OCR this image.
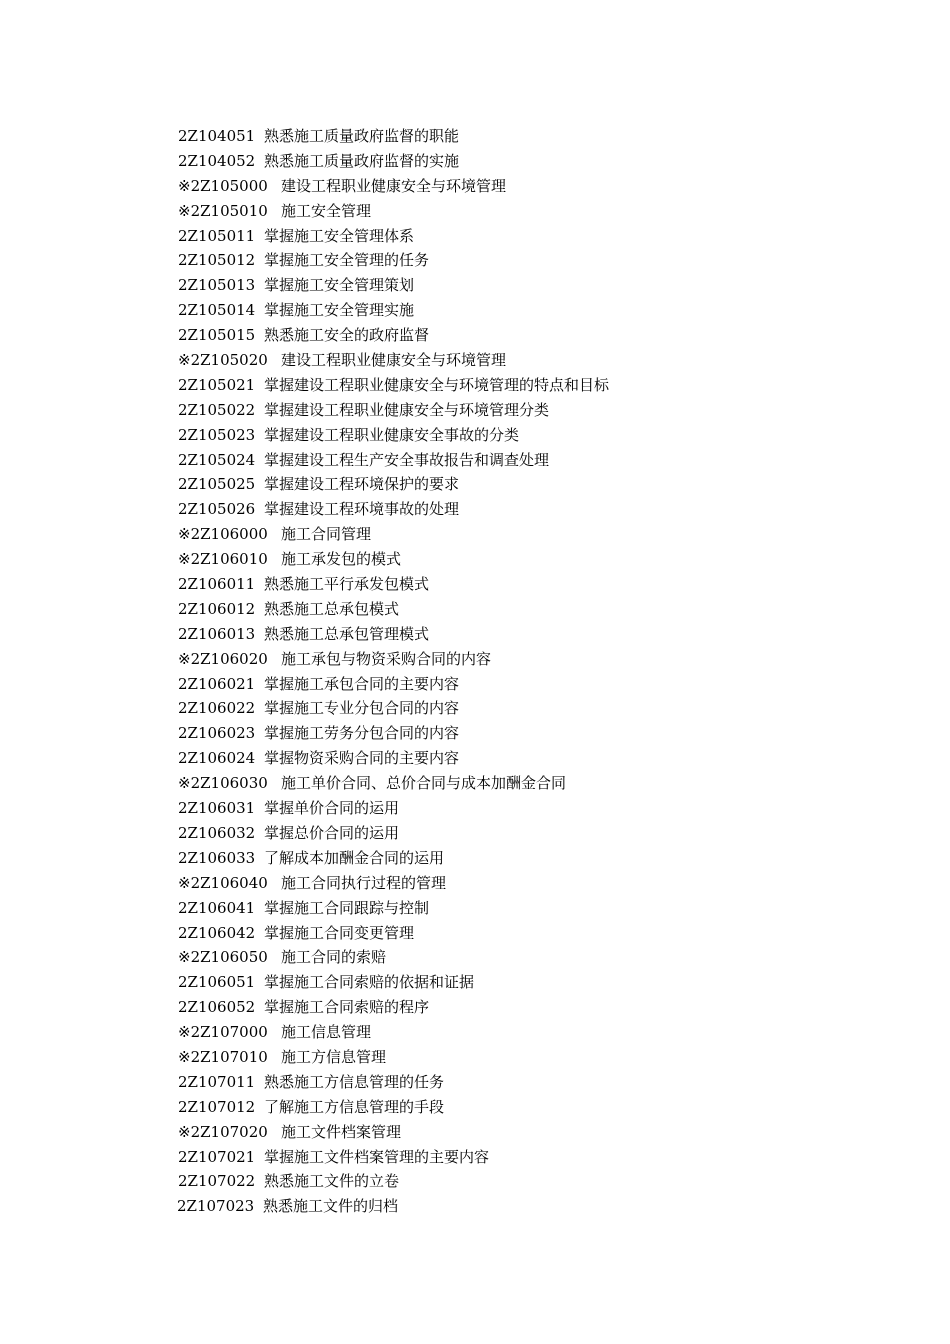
2Z104051 熟悉施工质量政府监督的职能
2Z104052 熟悉施工质量政府监督的实施
※2Z105000 建设工程职业健康安全与环境管理
※2Z105010 施工安全管理
2Z105011 掌握施工安全管理体系
2Z105012 掌握施工安全管理的任务
2Z105013 掌握施工安全管理策划
2Z105014 掌握施工安全管理实施
2Z105015 熟悉施工安全的政府监督
※2Z105020 建设工程职业健康安全与环境管理
2Z105021 掌握建设工程职业健康安全与环境管理的特点和目标
2Z105022 掌握建设工程职业健康安全与环境管理分类
2Z105023 掌握建设工程职业健康安全事故的分类
2Z105024 掌握建设工程生产安全事故报告和调查处理
2Z105025 掌握建设工程环境保护的要求
2Z105026 掌握建设工程环境事故的处理
※2Z106000 施工合同管理
※2Z106010 施工承发包的模式
2Z106011 熟悉施工平行承发包模式
2Z106012 熟悉施工总承包模式
2Z106013 熟悉施工总承包管理模式
※2Z106020 施工承包与物资采购合同的内容
2Z106021 掌握施工承包合同的主要内容
2Z106022 掌握施工专业分包合同的内容
2Z106023 掌握施工劳务分包合同的内容
2Z106024 掌握物资采购合同的主要内容
※2Z106030 施工单价合同、总价合同与成本加酬金合同
2Z106031 掌握单价合同的运用
2Z106032 掌握总价合同的运用
2Z106033 了解成本加酬金合同的运用
※2Z106040 施工合同执行过程的管理
2Z106041 掌握施工合同跟踪与控制
2Z106042 掌握施工合同变更管理
※2Z106050 施工合同的索赔
2Z106051 掌握施工合同索赔的依据和证据
2Z106052 掌握施工合同索赔的程序
※2Z107000 施工信息管理
※2Z107010 施工方信息管理
2Z107011 熟悉施工方信息管理的任务
2Z107012 了解施工方信息管理的手段
※2Z107020 施工文件档案管理
2Z107021 掌握施工文件档案管理的主要内容
2Z107022 熟悉施工文件的立卷
2Z107023 熟悉施工文件的归档
